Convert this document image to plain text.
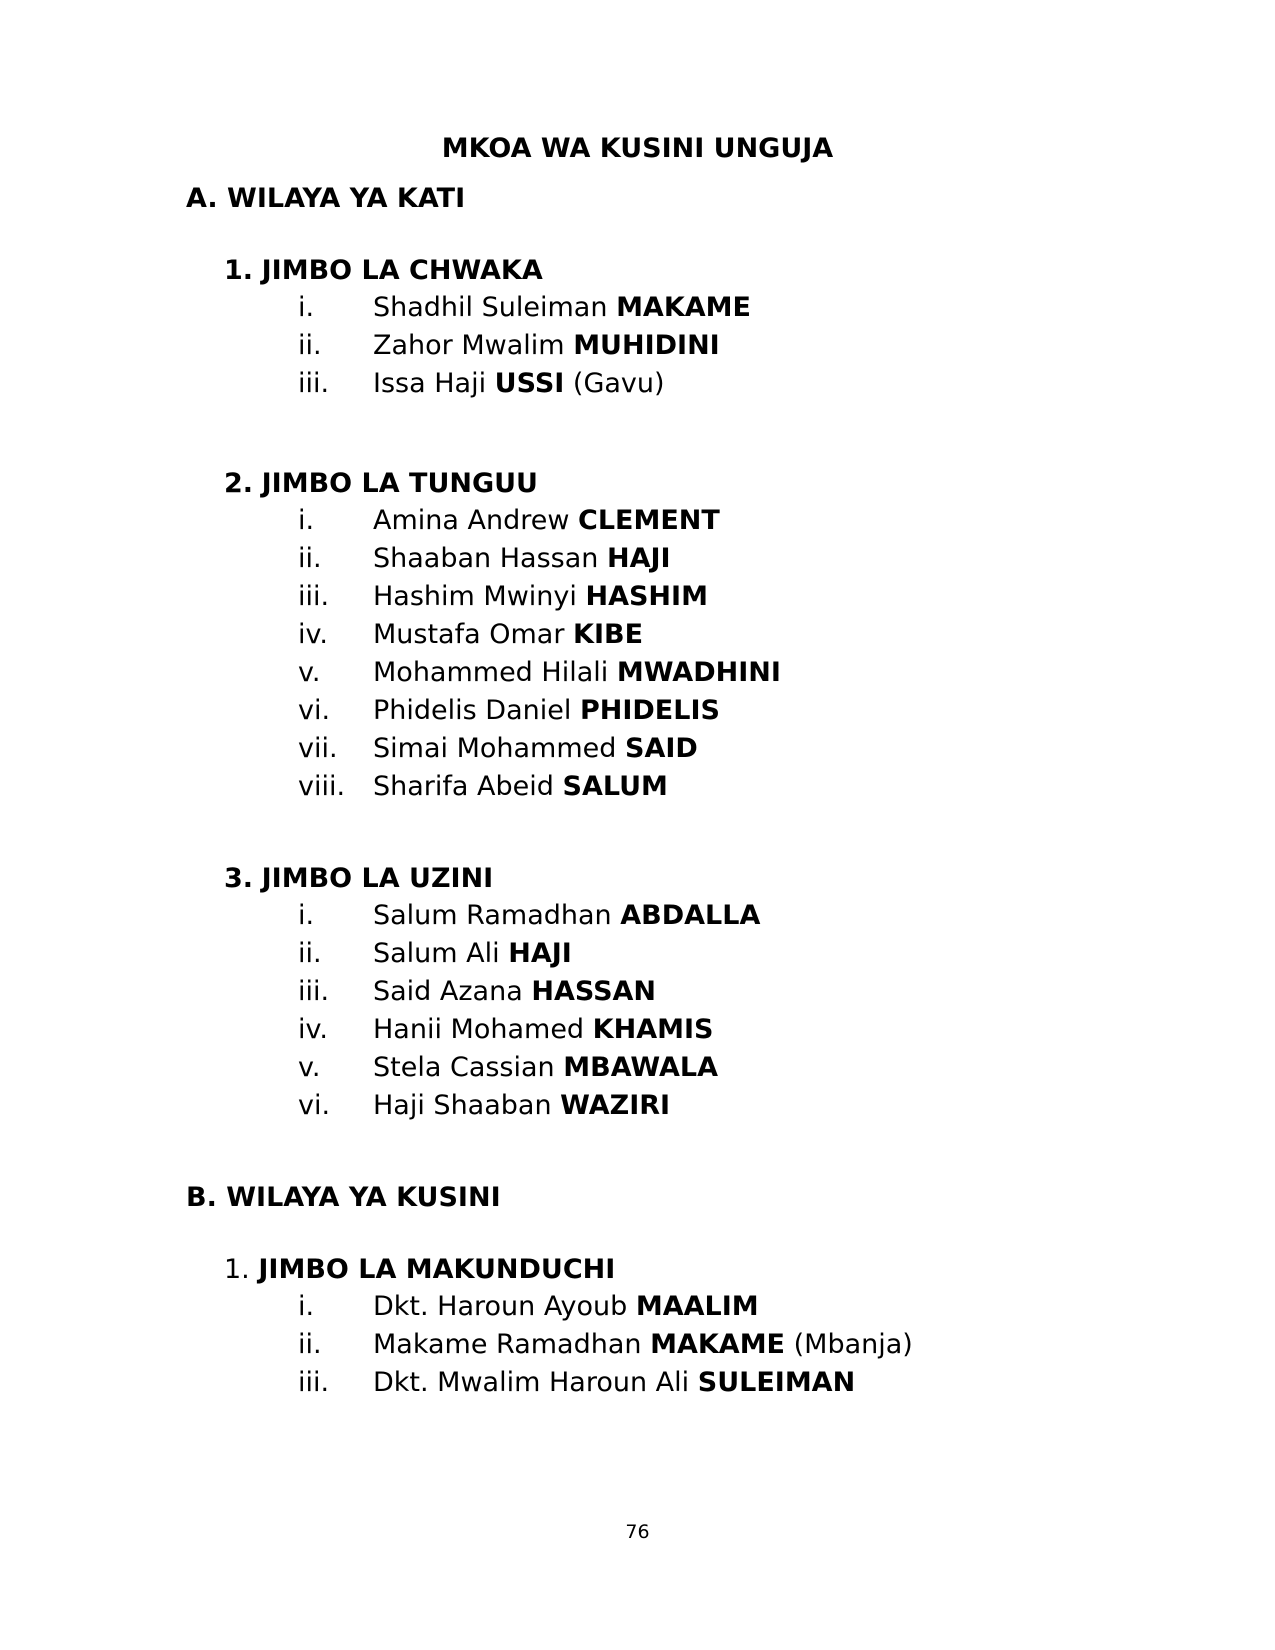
MKOA WA KUSINI UNGUJA
A. WILAYA YA KATI
1. JIMBO LA CHWAKA
i. Shadhil Suleiman MAKAME
ii. Zahor Mwalim MUHIDINI
iii. Issa Haji USSI (Gavu)
2. JIMBO LA TUNGUU
i. Amina Andrew CLEMENT
ii. Shaaban Hassan HAJI
iii. Hashim Mwinyi HASHIM
iv. Mustafa Omar KIBE
v. Mohammed Hilali MWADHINI
vi. Phidelis Daniel PHIDELIS
vii. Simai Mohammed SAID
viii. Sharifa Abeid SALUM
3. JIMBO LA UZINI
i. Salum Ramadhan ABDALLA
ii. Salum Ali HAJI
iii. Said Azana HASSAN
iv. Hanii Mohamed KHAMIS
v. Stela Cassian MBAWALA
vi. Haji Shaaban WAZIRI
B. WILAYA YA KUSINI
1. JIMBO LA MAKUNDUCHI
i. Dkt. Haroun Ayoub MAALIM
ii. Makame Ramadhan MAKAME (Mbanja)
iii. Dkt. Mwalim Haroun Ali SULEIMAN
76
